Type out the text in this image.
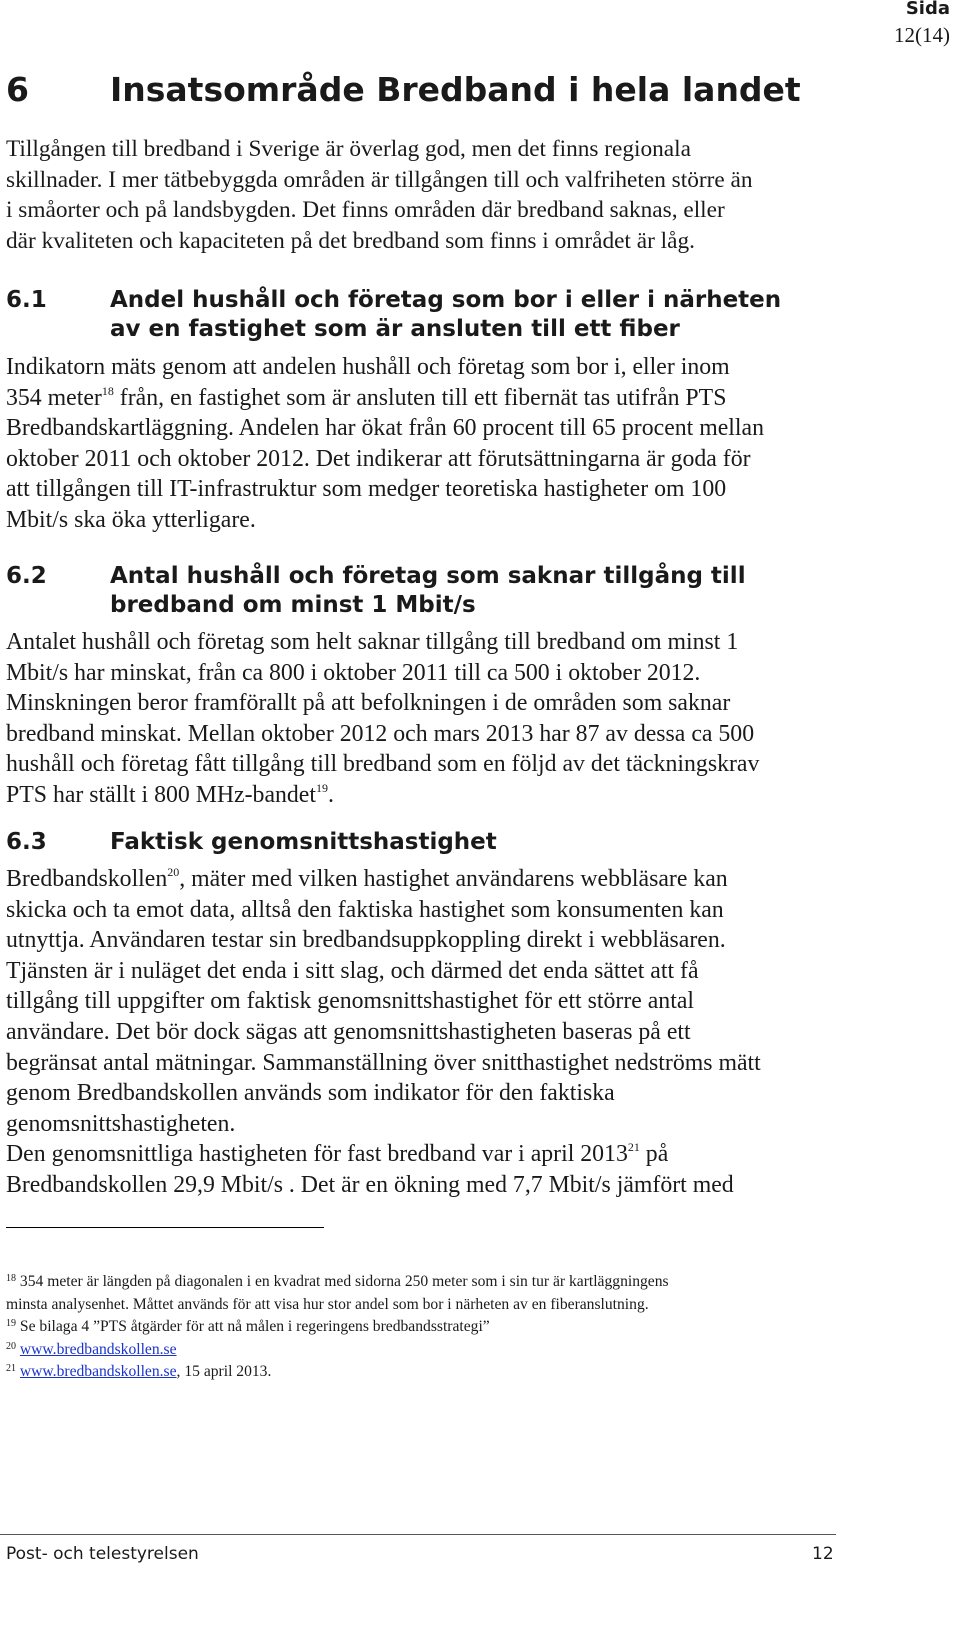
Sida
12(14)
6 Insatsområde Bredband i hela landet
Tillgången till bredband i Sverige är överlag god, men det finns regionala
skillnader. I mer tätbebyggda områden är tillgången till och valfriheten större än
i småorter och på landsbygden. Det finns områden där bredband saknas, eller
där kvaliteten och kapaciteten på det bredband som finns i området är låg.
6.1	Andel hushåll och företag som bor i eller i närheten
av en fastighet som är ansluten till ett fiber
Indikatorn mäts genom att andelen hushåll och företag som bor i, eller inom
354 meter$^{18}$ från, en fastighet som är ansluten till ett fibernät tas utifrån PTS
Bredbandskartläggning. Andelen har ökat från 60 procent till 65 procent mellan
oktober 2011 och oktober 2012. Det indikerar att förutsättningarna är goda för
att tillgången till IT-infrastruktur som medger teoretiska hastigheter om 100
Mbit/s ska öka ytterligare.
6.2	Antal hushåll och företag som saknar tillgång till
bredband om minst 1 Mbit/s
Antalet hushåll och företag som helt saknar tillgång till bredband om minst 1
Mbit/s har minskat, från ca 800 i oktober 2011 till ca 500 i oktober 2012.
Minskningen beror framförallt på att befolkningen i de områden som saknar
bredband minskat. Mellan oktober 2012 och mars 2013 har 87 av dessa ca 500
hushåll och företag fått tillgång till bredband som en följd av det täckningskrav
PTS har ställt i 800 MHz-bandet$^{19}$.
6.3	Faktisk genomsnittshastighet
Bredbandskollen$^{20}$, mäter med vilken hastighet användarens webbläsare kan
skicka och ta emot data, alltså den faktiska hastighet som konsumenten kan
utnyttja. Användaren testar sin bredbandsuppkoppling direkt i webbläsaren.
Tjänsten är i nuläget det enda i sitt slag, och därmed det enda sättet att få
tillgång till uppgifter om faktisk genomsnittshastighet för ett större antal
användare. Det bör dock sägas att genomsnittshastigheten baseras på ett
begränsat antal mätningar. Sammanställning över snitthastighet nedströms mätt
genom Bredbandskollen används som indikator för den faktiska
genomsnittshastigheten.
Den genomsnittliga hastigheten för fast bredband var i april 2013$^{21}$ på
Bredbandskollen 29,9 Mbit/s . Det är en ökning med 7,7 Mbit/s jämfört med
$^{18}$ 354 meter är längden på diagonalen i en kvadrat med sidorna 250 meter som i sin tur är kartläggningens
minsta analysenhet. Måttet används för att visa hur stor andel som bor i närheten av en fiberanslutning.
$^{19}$ Se bilaga 4 ”PTS åtgärder för att nå målen i regeringens bredbandsstrategi”
$^{20}$ www.bredbandskollen.se
$^{21}$ www.bredbandskollen.se, 15 april 2013.
Post- och telestyrelsen	12
